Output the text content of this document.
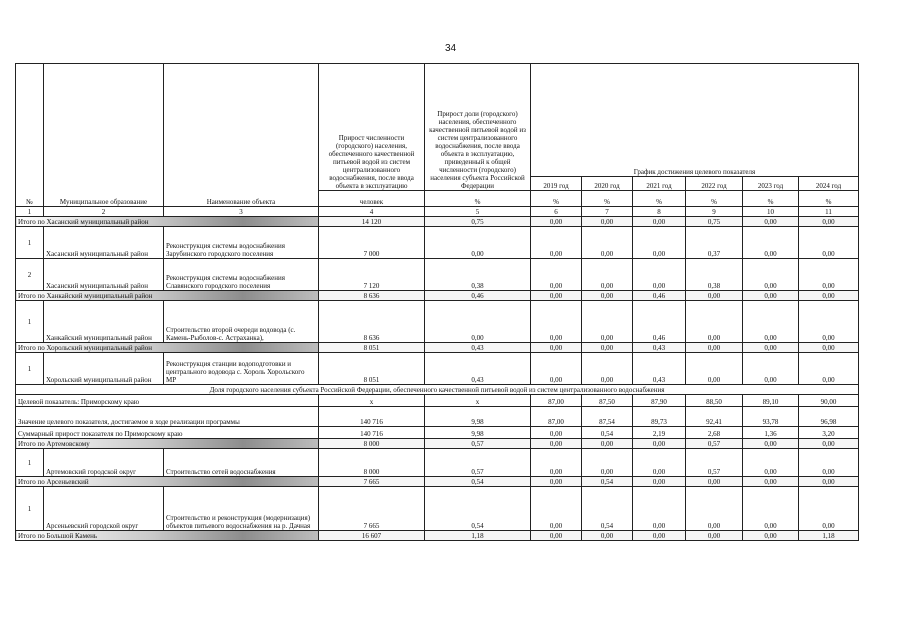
34
№	Муниципальное образование	Наименование объекта	Прирост численности (городского) населения, обеспеченного качественной питьевой водой из систем централизованного водоснабжения, после ввода объекта в эксплуатацию	Прирост доли (городского) населения, обеспеченного качественной питьевой водой из систем централизованного водоснабжения, после ввода объекта в эксплуатацию, приведенный к общей численности (городского) населения субъекта Российской Федерации	График достижения целевого показателя					
					2019 год	2020 год	2021 год	2022 год	2023 год	2024 год
			человек	%	%	%	%	%	%	%
1	2	3	4	5	6	7	8	9	10	11
Итого по Хасанский муниципальный район			14 120	0,75	0,00	0,00	0,00	0,75	0,00	0,00
1	Хасанский муниципальный район	Реконструкция системы водоснабжения Зарубинского городского поселения	7 000	0,00	0,00	0,00	0,00	0,37	0,00	0,00
2	Хасанский муниципальный район	Реконструкция системы водоснабжения Славянского городского поселения	7 120	0,38	0,00	0,00	0,00	0,38	0,00	0,00
Итого по Ханкайский муниципальный район			8 636	0,46	0,00	0,00	0,46	0,00	0,00	0,00
1	Ханкайский муниципальный район	Строительство второй очереди водовода (с. Камень-Рыболов-с. Астраханка),	8 636	0,00	0,00	0,00	0,46	0,00	0,00	0,00
Итого по Хорольский муниципальный район			8 051	0,43	0,00	0,00	0,43	0,00	0,00	0,00
1	Хорольский муниципальный район	Реконструкция станции водоподготовки и центрального водовода с. Хороль Хорольского МР	8 051	0,43	0,00	0,00	0,43	0,00	0,00	0,00
Доля городского населения субъекта Российской Федерации, обеспеченного качественной питьевой водой из систем централизованного водоснабжения										
Целевой показатель: Приморскому краю			x	x	87,00	87,50	87,90	88,50	89,10	90,00
Значение целевого показателя, достигаемое в ходе реализации программы			140 716	9,98	87,00	87,54	89,73	92,41	93,78	96,98
Суммарный прирост показателя по Приморскому краю			140 716	9,98	0,00	0,54	2,19	2,68	1,36	3,20
Итого по Артемовскому			8 000	0,57	0,00	0,00	0,00	0,57	0,00	0,00
1	Артемовский городской округ	Строительство сетей водоснабжения	8 000	0,57	0,00	0,00	0,00	0,57	0,00	0,00
Итого по Арсеньевский			7 665	0,54	0,00	0,54	0,00	0,00	0,00	0,00
1	Арсеньевский городской округ	Строительство и реконструкция (модернизация) объектов питьевого водоснабжения на р. Дачная	7 665	0,54	0,00	0,54	0,00	0,00	0,00	0,00
Итого по Большой Камень			16 607	1,18	0,00	0,00	0,00	0,00	0,00	1,18
